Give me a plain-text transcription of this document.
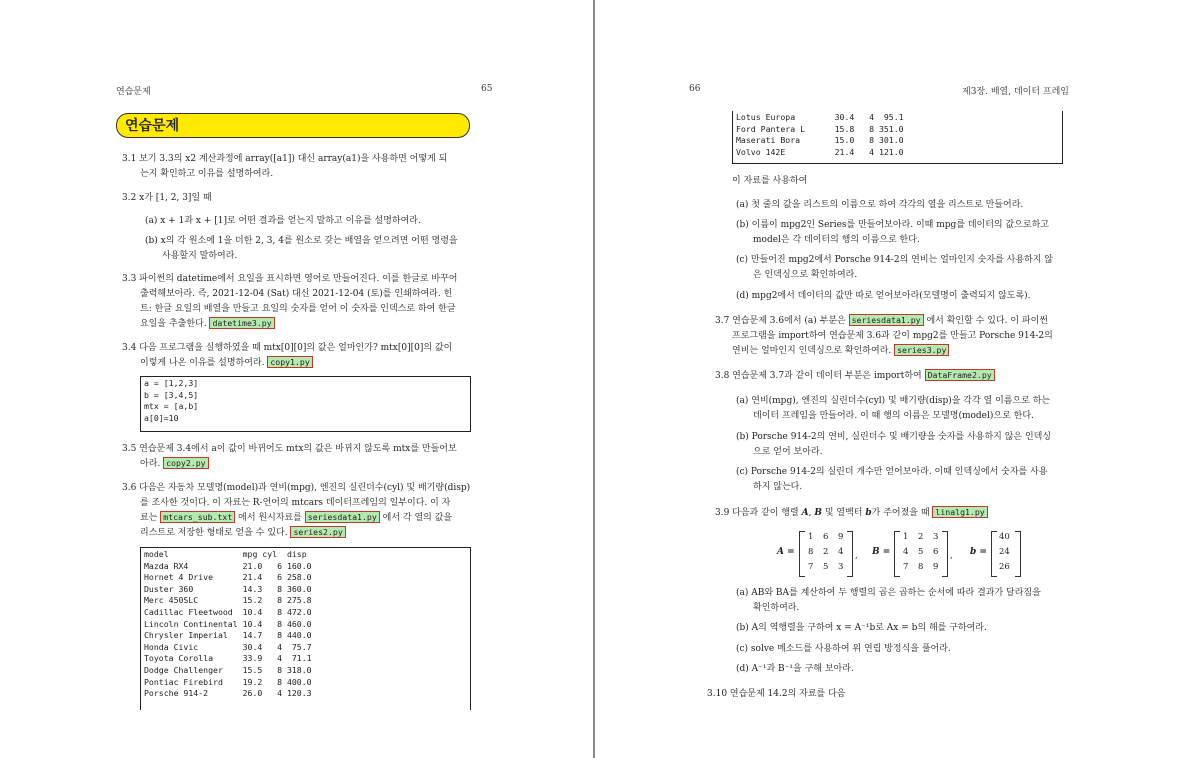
연습문제	65
연습문제
3.1 보기 3.3의 x2 계산과정에 array([a1]) 대신 array(a1)을 사용하면 어떻게 되
는지 확인하고 이유를 설명하여라.
3.2 x가 [1, 2, 3]일 때
(a) x + 1과 x + [1]로 어떤 결과를 얻는지 말하고 이유를 설명하여라.
(b) x의 각 원소에 1을 더한 2, 3, 4를 원소로 갖는 배열을 얻으려면 어떤 명령을
사용할지 말하여라.
3.3 파이썬의 datetime에서 요일을 표시하면 영어로 만들어진다. 이를 한글로 바꾸어
출력해보아라. 즉, 2021-12-04 (Sat) 대신 2021-12-04 (토)를 인쇄하여라. 힌
트: 한글 요일의 배열을 만들고 요일의 숫자를 얻어 이 숫자를 인덱스로 하여 한글
요일을 추출한다. datetime3.py
3.4 다음 프로그램을 실행하였을 때 mtx[0][0]의 값은 얼마인가? mtx[0][0]의 값이
이렇게 나온 이유를 설명하여라. copy1.py
a = [1,2,3]
b = [3,4,5]
mtx = [a,b]
a[0]=10
3.5 연습문제 3.4에서 a이 값이 바뀌어도 mtx의 값은 바뀌지 않도록 mtx를 만들어보
아라. copy2.py
3.6 다음은 자동차 모델명(model)과 연비(mpg), 엔진의 실린더수(cyl) 및 배기량(disp)
를 조사한 것이다. 이 자료는 R-언어의 mtcars 데이터프레임의 일부이다. 이 자
료는 mtcars_sub.txt 에서 원시자료를 seriesdata1.py 에서 각 열의 값을
리스트로 저장한 형태로 얻을 수 있다. series2.py
model               mpg cyl  disp
Mazda RX4           21.0   6 160.0
Hornet 4 Drive      21.4   6 258.0
Duster 360          14.3   8 360.0
Merc 450SLC         15.2   8 275.8
Cadillac Fleetwood  10.4   8 472.0
Lincoln Continental 10.4   8 460.0
Chrysler Imperial   14.7   8 440.0
Honda Civic         30.4   4  75.7
Toyota Corolla      33.9   4  71.1
Dodge Challenger    15.5   8 318.0
Pontiac Firebird    19.2   8 400.0
Porsche 914-2       26.0   4 120.3
66	제3장. 배열, 데이터 프레임
Lotus Europa        30.4   4  95.1
Ford Pantera L      15.8   8 351.0
Maserati Bora       15.0   8 301.0
Volvo 142E          21.4   4 121.0
이 자료를 사용하여
(a) 첫 줄의 값을 리스트의 이름으로 하여 각각의 열을 리스트로 만들어라.
(b) 이름이 mpg2인 Series를 만들어보아라. 이때 mpg를 데이터의 값으로하고
model은 각 데이터의 행의 이름으로 한다.
(c) 만들어진 mpg2에서 Porsche 914-2의 연비는 얼마인지 숫자를 사용하지 않
은 인덱싱으로 확인하여라.
(d) mpg2에서 데이터의 값만 따로 얻어보아라(모델명이 출력되지 않도록).
3.7 연습문제 3.6에서 (a) 부분은 seriesdata1.py 에서 확인할 수 있다. 이 파이썬
프로그램을 import하여 연습문제 3.6과 같이 mpg2를 만들고 Porsche 914-2의
연비는 얼마인지 인덱싱으로 확인하여라. series3.py
3.8 연습문제 3.7과 같이 데이터 부분은 import하여 DataFrame2.py
(a) 연비(mpg), 엔진의 실린더수(cyl) 및 배기량(disp)을 각각 열 이름으로 하는
데이터 프레임을 만들어라. 이 때 행의 이름은 모델명(model)으로 한다.
(b) Porsche 914-2의 연비, 실린더수 및 배기량을 숫자를 사용하지 않은 인덱싱
으로 얻어 보아라.
(c) Porsche 914-2의 실린더 개수만 얻어보아라. 이때 인덱싱에서 숫자를 사용
하지 않는다.
3.9 다음과 같이 행렬 A, B 및 열벡터 b가 주어졌을 때 linalg1.py
A =
1 6 9
8 2 4
7 5 3
, B =
1 2 3
4 5 6
7 8 9
, b =
40
24
26
(a) AB와 BA를 계산하여 두 행렬의 곱은 곱하는 순서에 따라 결과가 달라짐을
확인하여라.
(b) A의 역행렬을 구하여 x = A⁻¹b로 Ax = b의 해를 구하여라.
(c) solve 메소드를 사용하여 위 연립 방정식을 풀어라.
(d) A⁻¹과 B⁻¹을 구해 보아라.
3.10 연습문제 14.2의 자료를 다음
